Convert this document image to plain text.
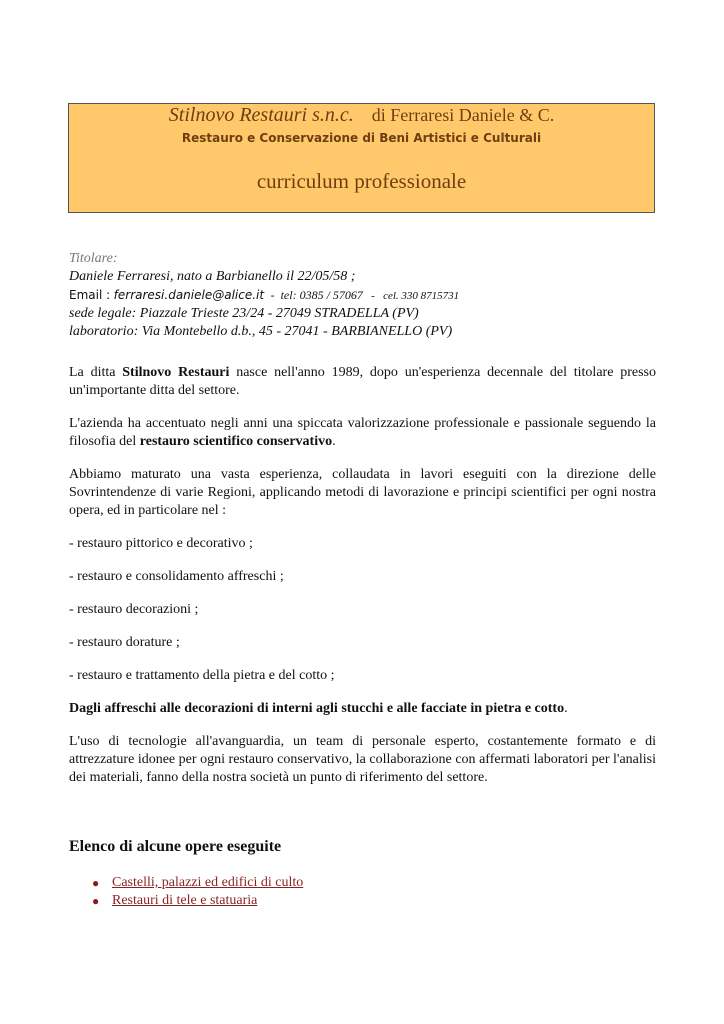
Stilnovo Restauri s.n.c. di Ferraresi Daniele & C.
Restauro e Conservazione di Beni Artistici e Culturali
curriculum professionale
Titolare:
Daniele Ferraresi, nato a Barbianello il 22/05/58 ;
Email : ferraresi.daniele@alice.it  -  tel: 0385 / 57067   -   cel. 330 8715731
sede legale: Piazzale Trieste 23/24 - 27049 STRADELLA (PV)
laboratorio: Via Montebello d.b., 45 - 27041 - BARBIANELLO (PV)

La ditta Stilnovo Restauri nasce nell'anno 1989, dopo un'esperienza decennale del titolare presso un'importante ditta del settore.

L'azienda ha accentuato negli anni una spiccata valorizzazione professionale e passionale seguendo la filosofia del restauro scientifico conservativo.

Abbiamo maturato una vasta esperienza, collaudata in lavori eseguiti con la direzione delle Sovrintendenze di varie Regioni, applicando metodi di lavorazione e principi scientifici per ogni nostra opera, ed in particolare nel :

- restauro pittorico e decorativo ;

- restauro e consolidamento affreschi ;

- restauro decorazioni ;

- restauro dorature ;

- restauro e trattamento della pietra e del cotto ;

Dagli affreschi alle decorazioni di interni agli stucchi e alle facciate in pietra e cotto.

L'uso di tecnologie all'avanguardia, un team di personale esperto, costantemente formato e di attrezzature idonee per ogni restauro conservativo, la collaborazione con affermati laboratori per l'analisi dei materiali, fanno della nostra società un punto di riferimento del settore.

Elenco di alcune opere eseguite
● Castelli, palazzi ed edifici di culto
● Restauri di tele e statuaria
